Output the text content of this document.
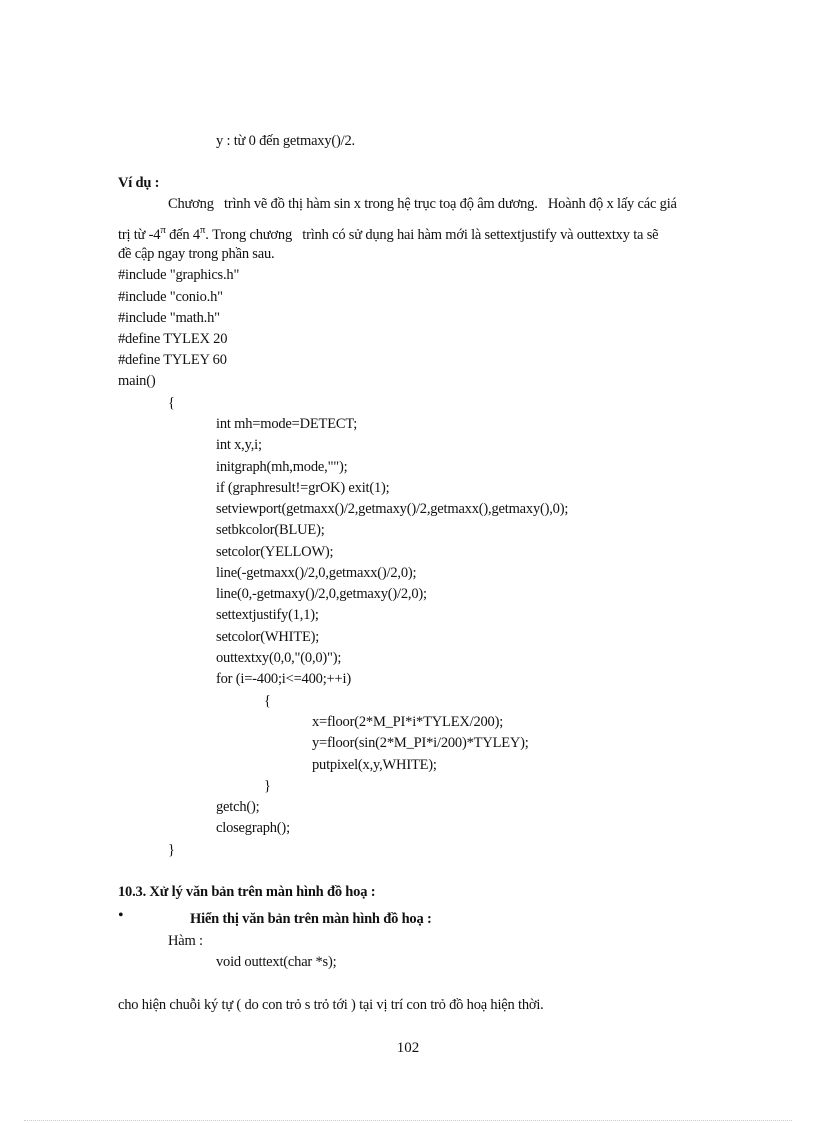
y : từ 0 đến getmaxy()/2.
Ví dụ :
Chương   trình vẽ đồ thị hàm sin x trong hệ trục toạ độ âm dương.   Hoành độ x lấy các giá
trị từ $-4^\pi$ đến $4^\pi$. Trong chương   trình có sử dụng hai hàm mới là settextjustify và outtextxy ta sẽ
đề cập ngay trong phần sau.
#include "graphics.h"
#include "conio.h"
#include "math.h"
#define TYLEX 20
#define TYLEY 60
main()
{
int mh=mode=DETECT;
int x,y,i;
initgraph(mh,mode,"");
if (graphresult!=grOK) exit(1);
setviewport(getmaxx()/2,getmaxy()/2,getmaxx(),getmaxy(),0);
setbkcolor(BLUE);
setcolor(YELLOW);
line(-getmaxx()/2,0,getmaxx()/2,0);
line(0,-getmaxy()/2,0,getmaxy()/2,0);
settextjustify(1,1);
setcolor(WHITE);
outtextxy(0,0,"(0,0)");
for (i=-400;i<=400;++i)
{
x=floor(2*M_PI*i*TYLEX/200);
y=floor(sin(2*M_PI*i/200)*TYLEY);
putpixel(x,y,WHITE);
}
getch();
closegraph();
}
10.3. Xử lý văn bản trên màn hình đồ hoạ :
•	Hiển thị văn bản trên màn hình đồ hoạ :
Hàm :
void outtext(char *s);
cho hiện chuỗi ký tự ( do con trỏ s trỏ tới ) tại vị trí con trỏ đồ hoạ hiện thời.
102
